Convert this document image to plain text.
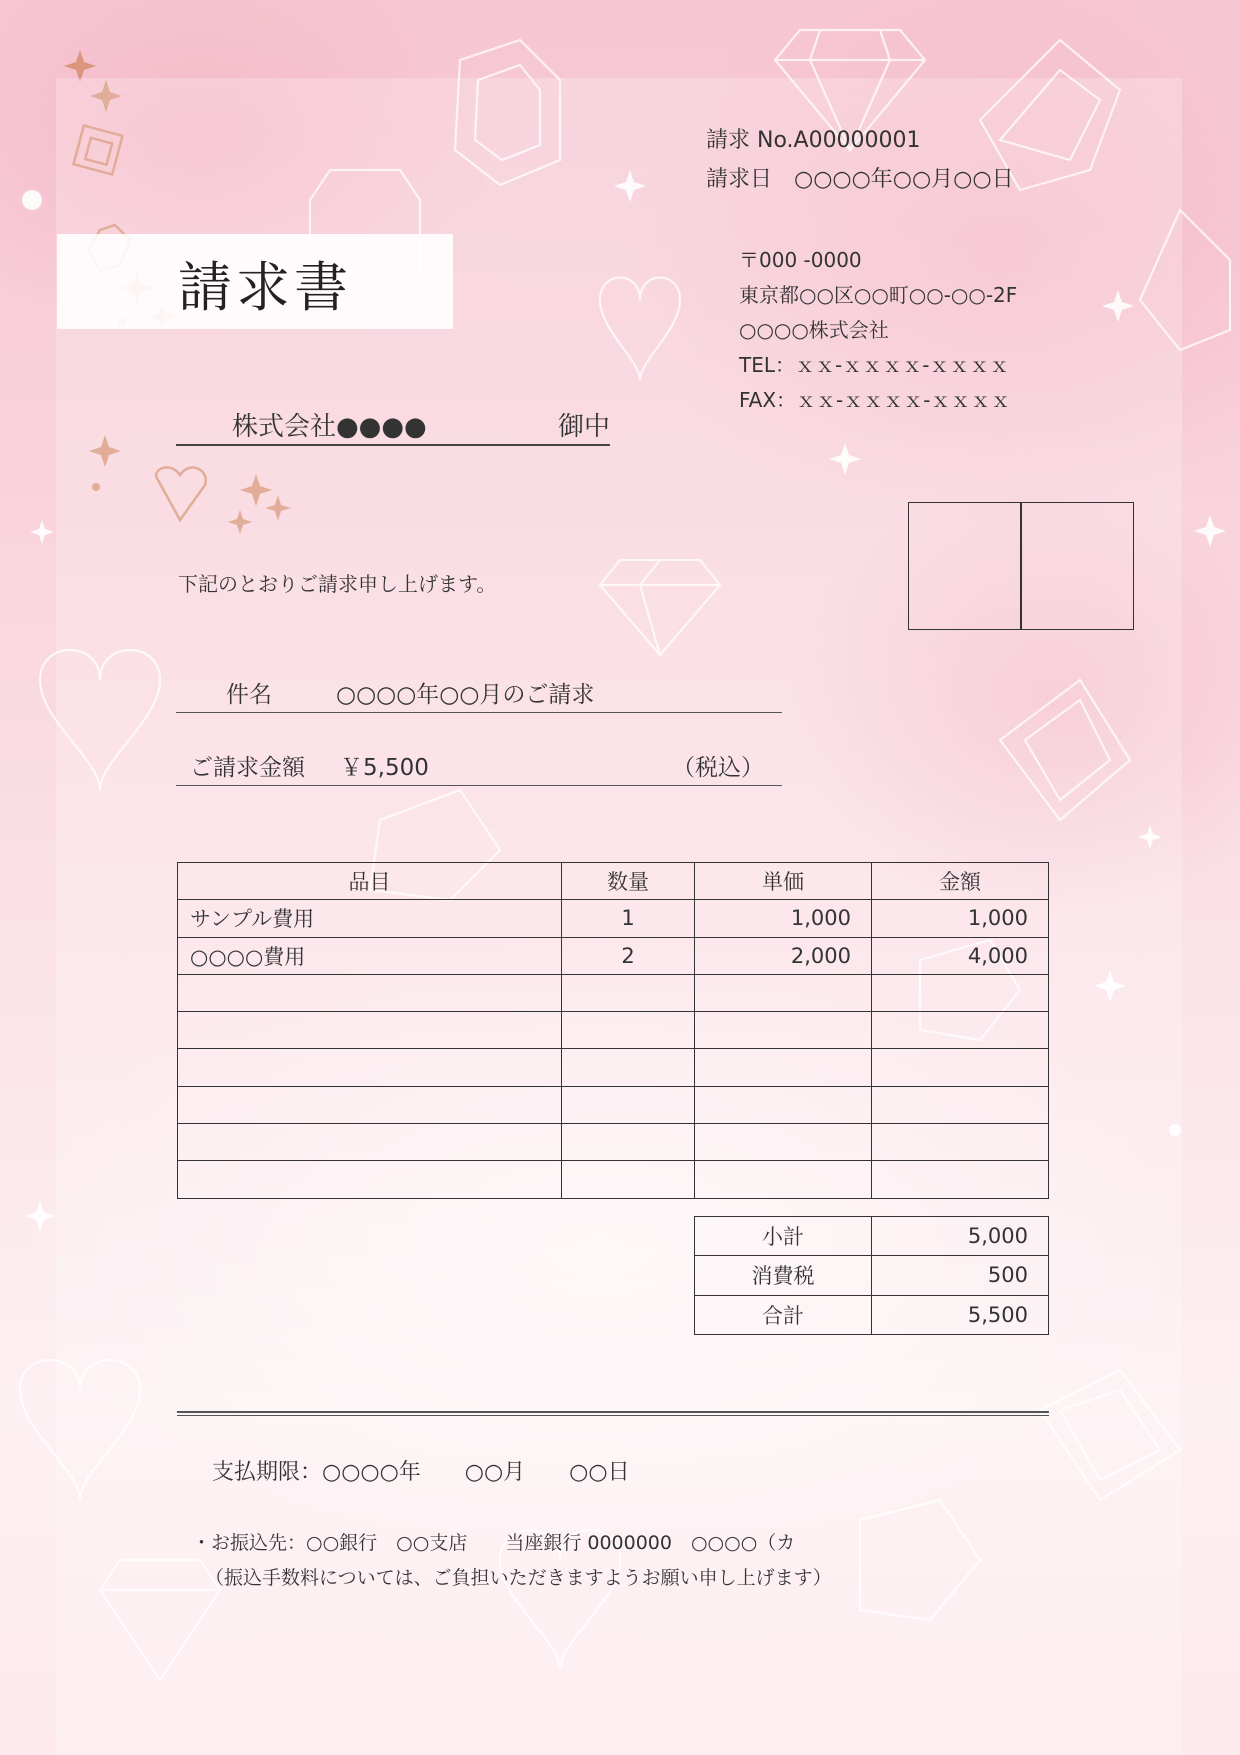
請求書
請求 No.A00000001
請求日　○○○○年○○月○○日
〒000 -0000
東京都○○区○○町○○-○○-2F
○○○○株式会社
TEL：ｘｘ-ｘｘｘｘ-ｘｘｘｘ
FAX：ｘｘ-ｘｘｘｘ-ｘｘｘｘ
株式会社●●●●	御中
下記のとおりご請求申し上げます。
件名	○○○○年○○月のご請求
ご請求金額 ￥5,500	（税込）
品目	数量	単価	金額
サンプル費用	1	1,000	1,000
○○○○費用	2	2,000	4,000

小計	5,000
消費税	500
合計	5,500
支払期限：○○○○年　　○○月　　○○日
・お振込先：○○銀行　○○支店　　当座銀行 0000000　○○○○（カ
（振込手数料については、ご負担いただきますようお願い申し上げます）
